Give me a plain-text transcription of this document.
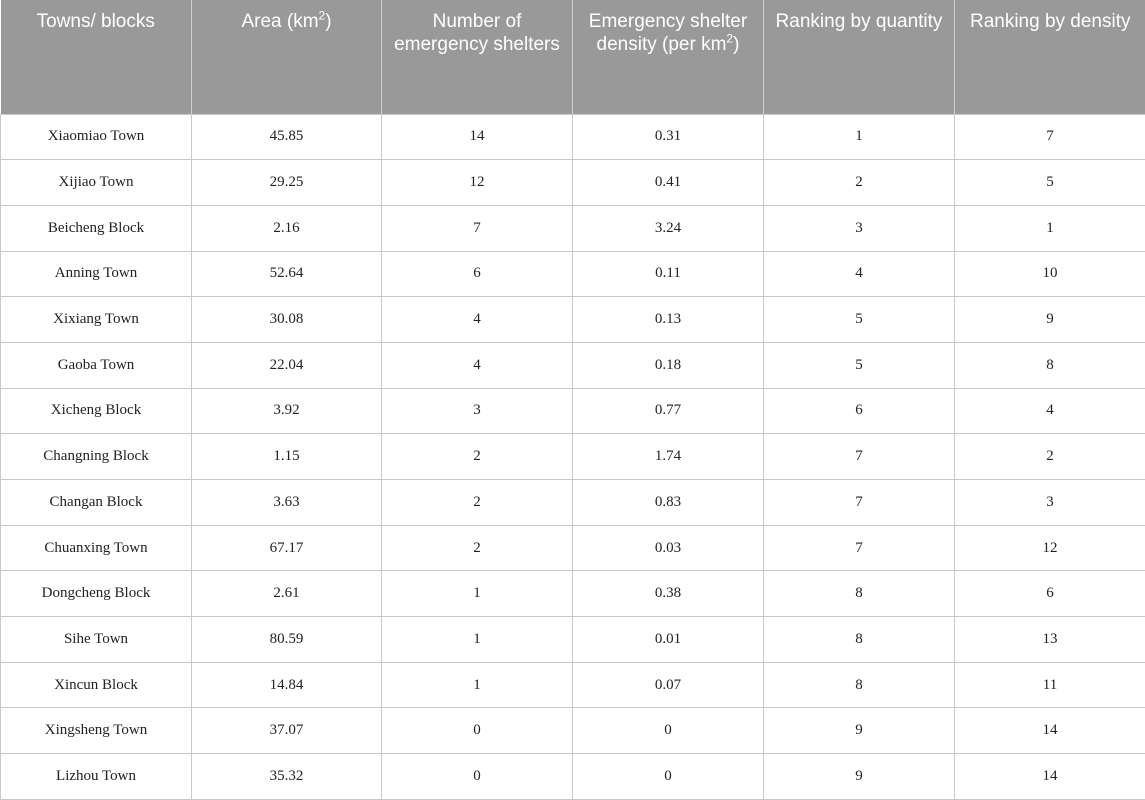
Towns/ blocks	Area $(km^2)$	Number of emergency shelters	Emergency shelter density (per $km^2$)	Ranking by quantity	Ranking by density
Xiaomiao Town	45.85	14	0.31	1	7
Xijiao Town	29.25	12	0.41	2	5
Beicheng Block	2.16	7	3.24	3	1
Anning Town	52.64	6	0.11	4	10
Xixiang Town	30.08	4	0.13	5	9
Gaoba Town	22.04	4	0.18	5	8
Xicheng Block	3.92	3	0.77	6	4
Changning Block	1.15	2	1.74	7	2
Changan Block	3.63	2	0.83	7	3
Chuanxing Town	67.17	2	0.03	7	12
Dongcheng Block	2.61	1	0.38	8	6
Sihe Town	80.59	1	0.01	8	13
Xincun Block	14.84	1	0.07	8	11
Xingsheng Town	37.07	0	0	9	14
Lizhou Town	35.32	0	0	9	14
